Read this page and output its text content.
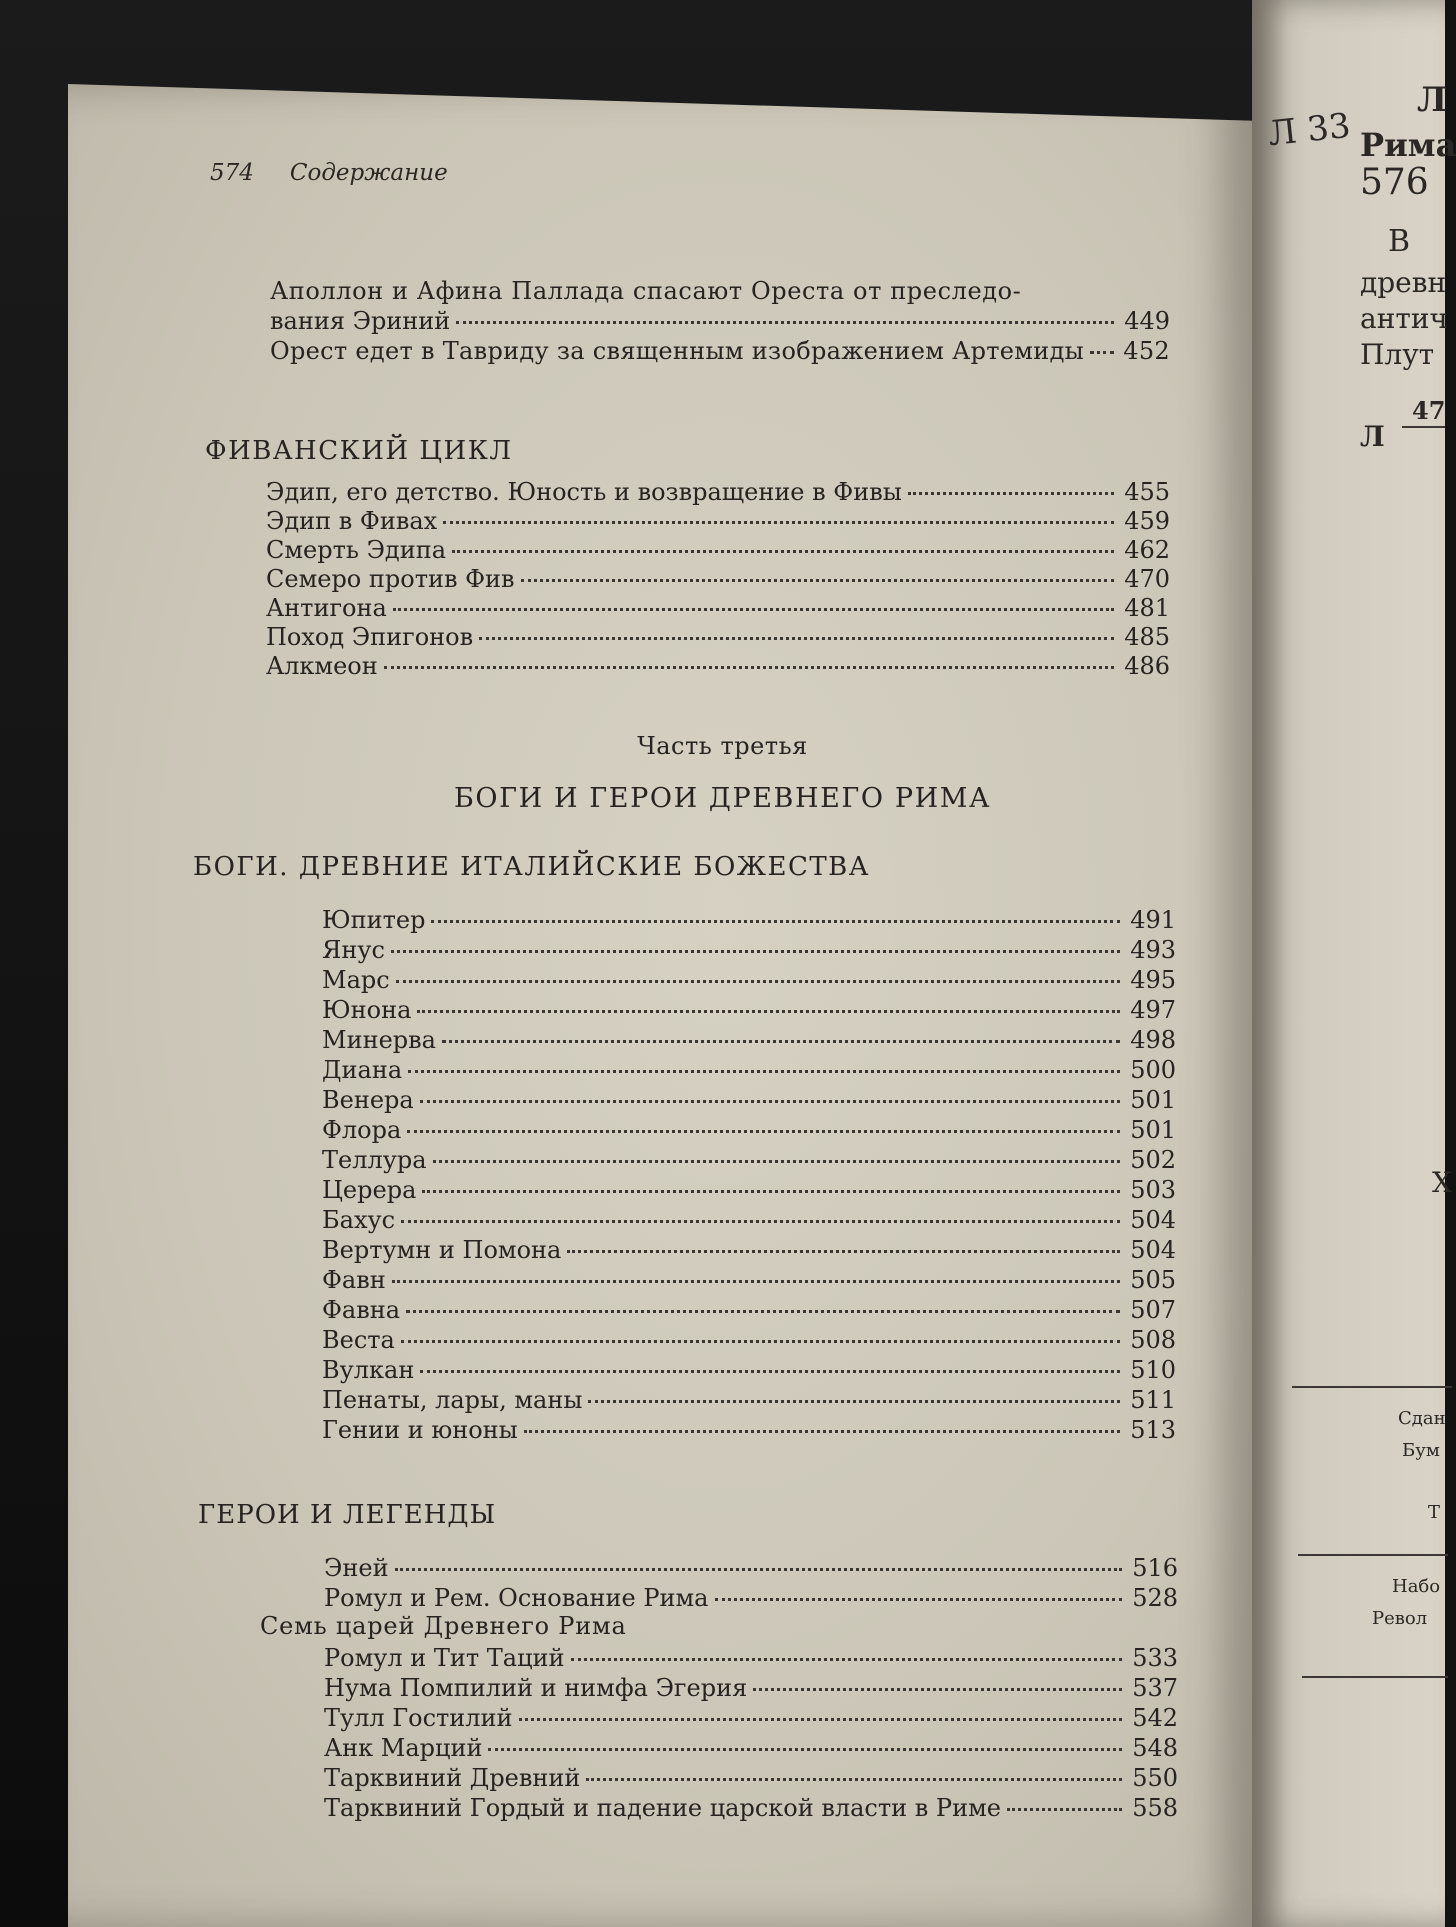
574 Содержание
Аполлон и Афина Паллада спасают Ореста от преследо-
вания Эриний	449
Орест едет в Тавриду за священным изображением Артемиды 452
ФИВАНСКИЙ ЦИКЛ
Эдип, его детство. Юность и возвращение в Фивы	455
Эдип в Фивах	459
Смерть Эдипа	462
Семеро против Фив	470
Антигона	481
Поход Эпигонов	485
Алкмеон	486
Часть третья
БОГИ И ГЕРОИ ДРЕВНЕГО РИМА
БОГИ. ДРЕВНИЕ ИТАЛИЙСКИЕ БОЖЕСТВА
Юпитер	491
Янус	493
Марс	495
Юнона	497
Минерва	498
Диана	500
Венера	501
Флора	501
Теллура	502
Церера	503
Бахус	504
Вертумн и Помона	504
Фавн	505
Фавна	507
Веста	508
Вулкан	510
Пенаты, лары, маны	511
Гении и юноны	513
ГЕРОИ И ЛЕГЕНДЫ
Эней	516
Ромул и Рем. Основание Рима	528
Семь царей Древнего Рима
Ромул и Тит Таций	533
Нума Помпилий и нимфа Эгерия	537
Тулл Гостилий	542
Анк Марций	548
Тарквиний Древний	550
Тарквиний Гордый и падение царской власти в Риме	558
Л 33
Л
Рима
576
В
древн
антич
Плут
Л
47
Х
Сдан
Бум
Т
Набо
Револ
